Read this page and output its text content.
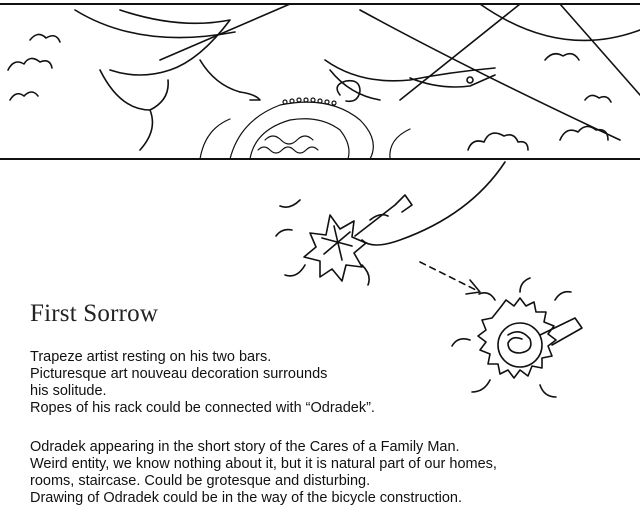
First Sorrow

Trapeze artist resting on his two bars.
Picturesque art nouveau decoration surrounds
his solitude.
Ropes of his rack could be connected with “Odradek”.

Odradek appearing in the short story of the Cares of a Family Man.
Weird entity, we know nothing about it, but it is natural part of our homes,
rooms, staircase. Could be grotesque and disturbing.
Drawing of Odradek could be in the way of the bicycle construction.
